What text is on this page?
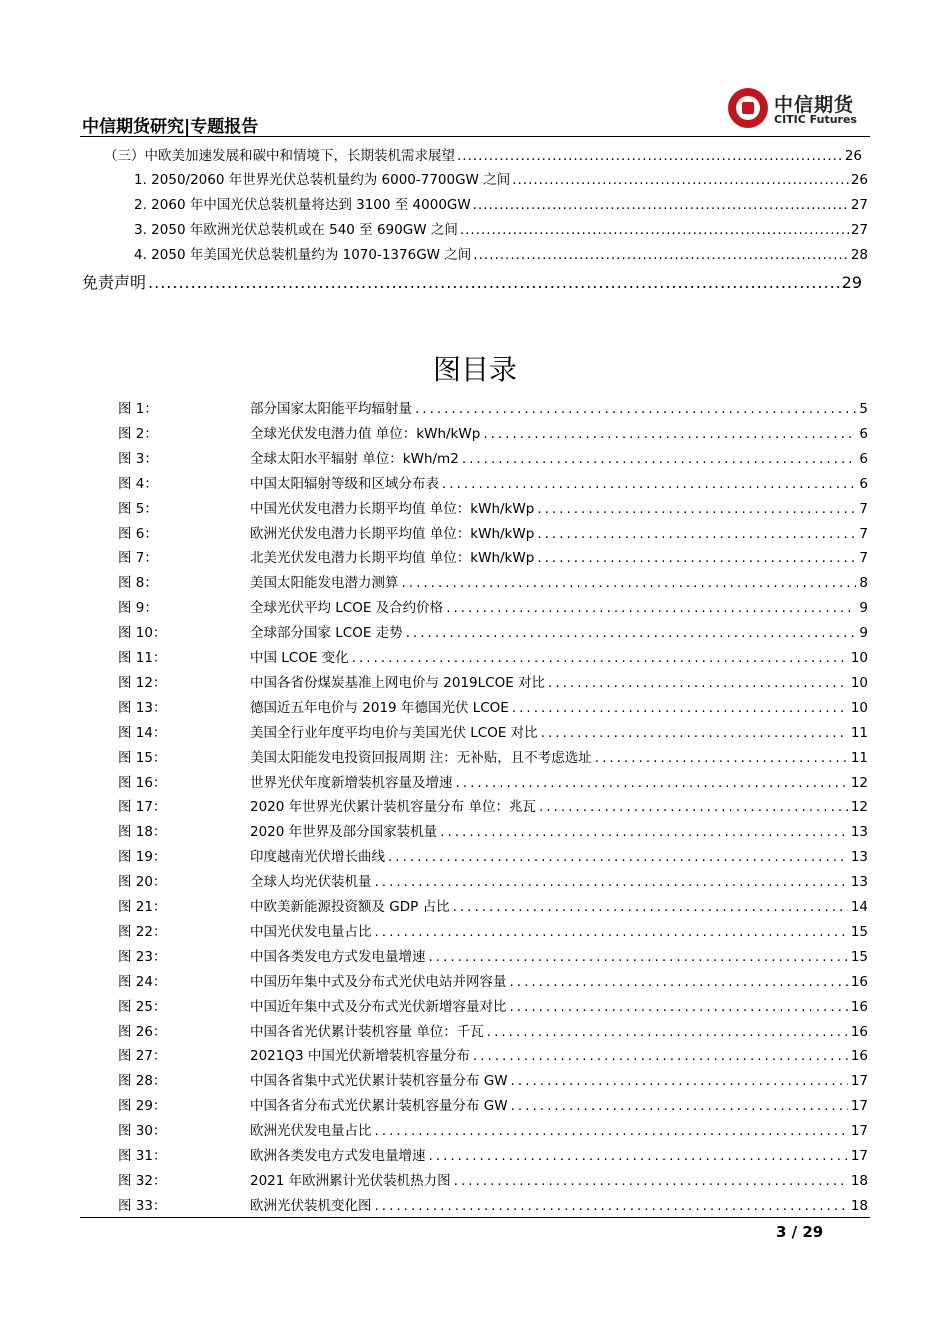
中信期货研究|专题报告
中信期货
CITIC Futures
（三）中欧美加速发展和碳中和情境下，长期装机需求展望 .....	26
1. 2050/2060 年世界光伏总装机量约为 6000-7700GW 之间 .....	26
2. 2060 年中国光伏总装机量将达到 3100 至 4000GW .....	27
3. 2050 年欧洲光伏总装机或在 540 至 690GW 之间 .....	27
4. 2050 年美国光伏总装机量约为 1070-1376GW 之间 .....	28
免责声明 .....	29
图目录
图 1：	部分国家太阳能平均辐射量 .....	5
图 2：	全球光伏发电潜力值 单位：kWh/kWp .....	6
图 3：	全球太阳水平辐射 单位：kWh/m2 .....	6
图 4：	中国太阳辐射等级和区域分布表 .....	6
图 5：	中国光伏发电潜力长期平均值 单位：kWh/kWp .....	7
图 6：	欧洲光伏发电潜力长期平均值 单位：kWh/kWp .....	7
图 7：	北美光伏发电潜力长期平均值 单位：kWh/kWp .....	7
图 8：	美国太阳能发电潜力测算 .....	8
图 9：	全球光伏平均 LCOE 及合约价格 .....	9
图 10：	全球部分国家 LCOE 走势 .....	9
图 11：	中国 LCOE 变化 .....	10
图 12：	中国各省份煤炭基准上网电价与 2019LCOE 对比 .....	10
图 13：	德国近五年电价与 2019 年德国光伏 LCOE .....	10
图 14：	美国全行业年度平均电价与美国光伏 LCOE 对比 .....	11
图 15：	美国太阳能发电投资回报周期 注：无补贴，且不考虑选址 .....	11
图 16：	世界光伏年度新增装机容量及增速 .....	12
图 17：	2020 年世界光伏累计装机容量分布 单位：兆瓦 .....	12
图 18：	2020 年世界及部分国家装机量 .....	13
图 19：	印度越南光伏增长曲线 .....	13
图 20：	全球人均光伏装机量 .....	13
图 21：	中欧美新能源投资额及 GDP 占比 .....	14
图 22：	中国光伏发电量占比 .....	15
图 23：	中国各类发电方式发电量增速 .....	15
图 24：	中国历年集中式及分布式光伏电站并网容量 .....	16
图 25：	中国近年集中式及分布式光伏新增容量对比 .....	16
图 26：	中国各省光伏累计装机容量 单位：千瓦 .....	16
图 27：	2021Q3 中国光伏新增装机容量分布 .....	16
图 28：	中国各省集中式光伏累计装机容量分布 GW .....	17
图 29：	中国各省分布式光伏累计装机容量分布 GW .....	17
图 30：	欧洲光伏发电量占比 .....	17
图 31：	欧洲各类发电方式发电量增速 .....	17
图 32：	2021 年欧洲累计光伏装机热力图 .....	18
图 33：	欧洲光伏装机变化图 .....	18
3 / 29
